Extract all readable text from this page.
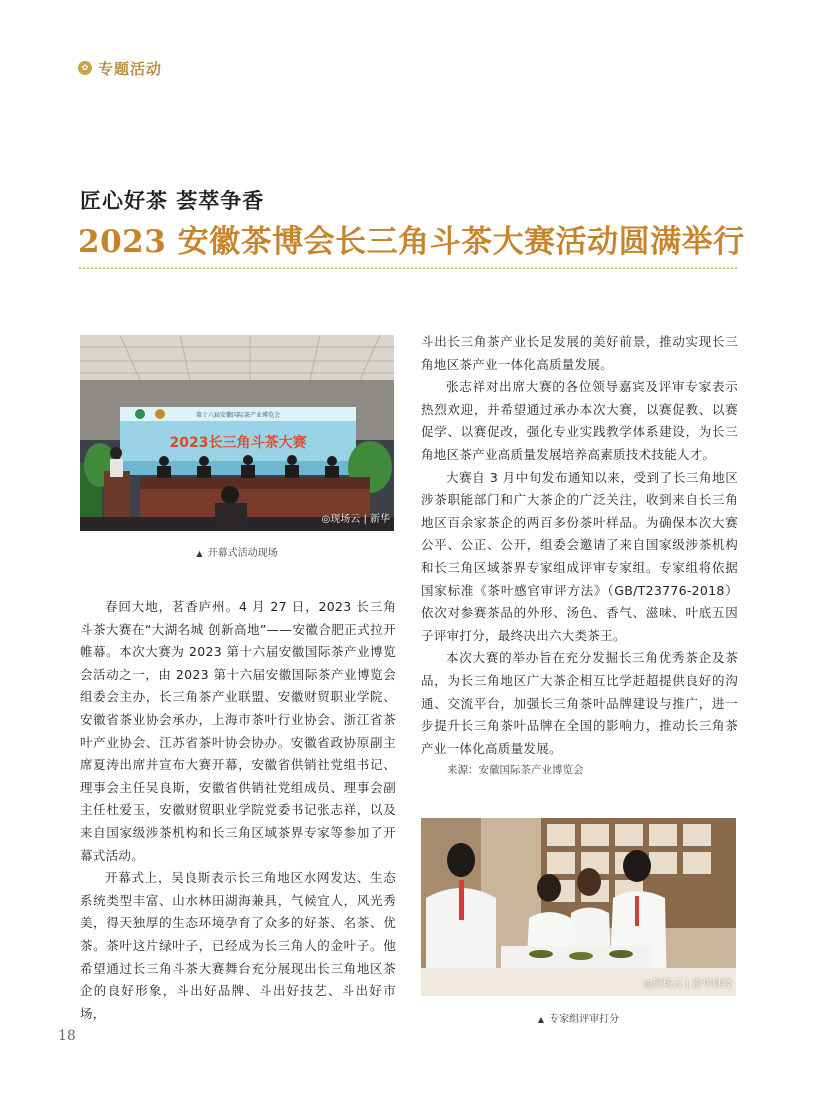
✿ 专题活动
匠心好茶 荟萃争香
2023 安徽茶博会长三角斗茶大赛活动圆满举行
第十六届安徽国际茶产业博览会
2023长三角斗茶大赛
◎现场云 | 新华
▲ 开幕式活动现场

春回大地，茗香庐州。4 月 27 日，2023 长三角斗茶大赛在“大湖名城 创新高地”——安徽合肥正式拉开帷幕。本次大赛为 2023 第十六届安徽国际茶产业博览会活动之一，由 2023 第十六届安徽国际茶产业博览会组委会主办，长三角茶产业联盟、安徽财贸职业学院、安徽省茶业协会承办，上海市茶叶行业协会、浙江省茶叶产业协会、江苏省茶叶协会协办。安徽省政协原副主席夏涛出席并宣布大赛开幕，安徽省供销社党组书记、理事会主任吴良斯，安徽省供销社党组成员、理事会副主任杜爱玉，安徽财贸职业学院党委书记张志祥，以及来自国家级涉茶机构和长三角区域茶界专家等参加了开幕式活动。

开幕式上，吴良斯表示长三角地区水网发达、生态系统类型丰富、山水林田湖海兼具，气候宜人，风光秀美，得天独厚的生态环境孕育了众多的好茶、名茶、优茶。茶叶这片绿叶子，已经成为长三角人的金叶子。他希望通过长三角斗茶大赛舞台充分展现出长三角地区茶企的良好形象，斗出好品牌、斗出好技艺、斗出好市场，

斗出长三角茶产业长足发展的美好前景，推动实现长三角地区茶产业一体化高质量发展。

张志祥对出席大赛的各位领导嘉宾及评审专家表示热烈欢迎，并希望通过承办本次大赛，以赛促教、以赛促学、以赛促改，强化专业实践教学体系建设，为长三角地区茶产业高质量发展培养高素质技术技能人才。

大赛自 3 月中旬发布通知以来，受到了长三角地区涉茶职能部门和广大茶企的广泛关注，收到来自长三角地区百余家茶企的两百多份茶叶样品。为确保本次大赛公平、公正、公开，组委会邀请了来自国家级涉茶机构和长三角区域茶界专家组成评审专家组。专家组将依据国家标准《茶叶感官审评方法》（GB/T23776-2018）依次对参赛茶品的外形、汤色、香气、滋味、叶底五因子评审打分，最终决出六大类茶王。

本次大赛的举办旨在充分发掘长三角优秀茶企及茶品，为长三角地区广大茶企相互比学赶超提供良好的沟通、交流平台，加强长三角茶叶品牌建设与推广，进一步提升长三角茶叶品牌在全国的影响力，推动长三角茶产业一体化高质量发展。

来源：安徽国际茶产业博览会

◎现场云 | 新华财经
▲ 专家组评审打分
18
